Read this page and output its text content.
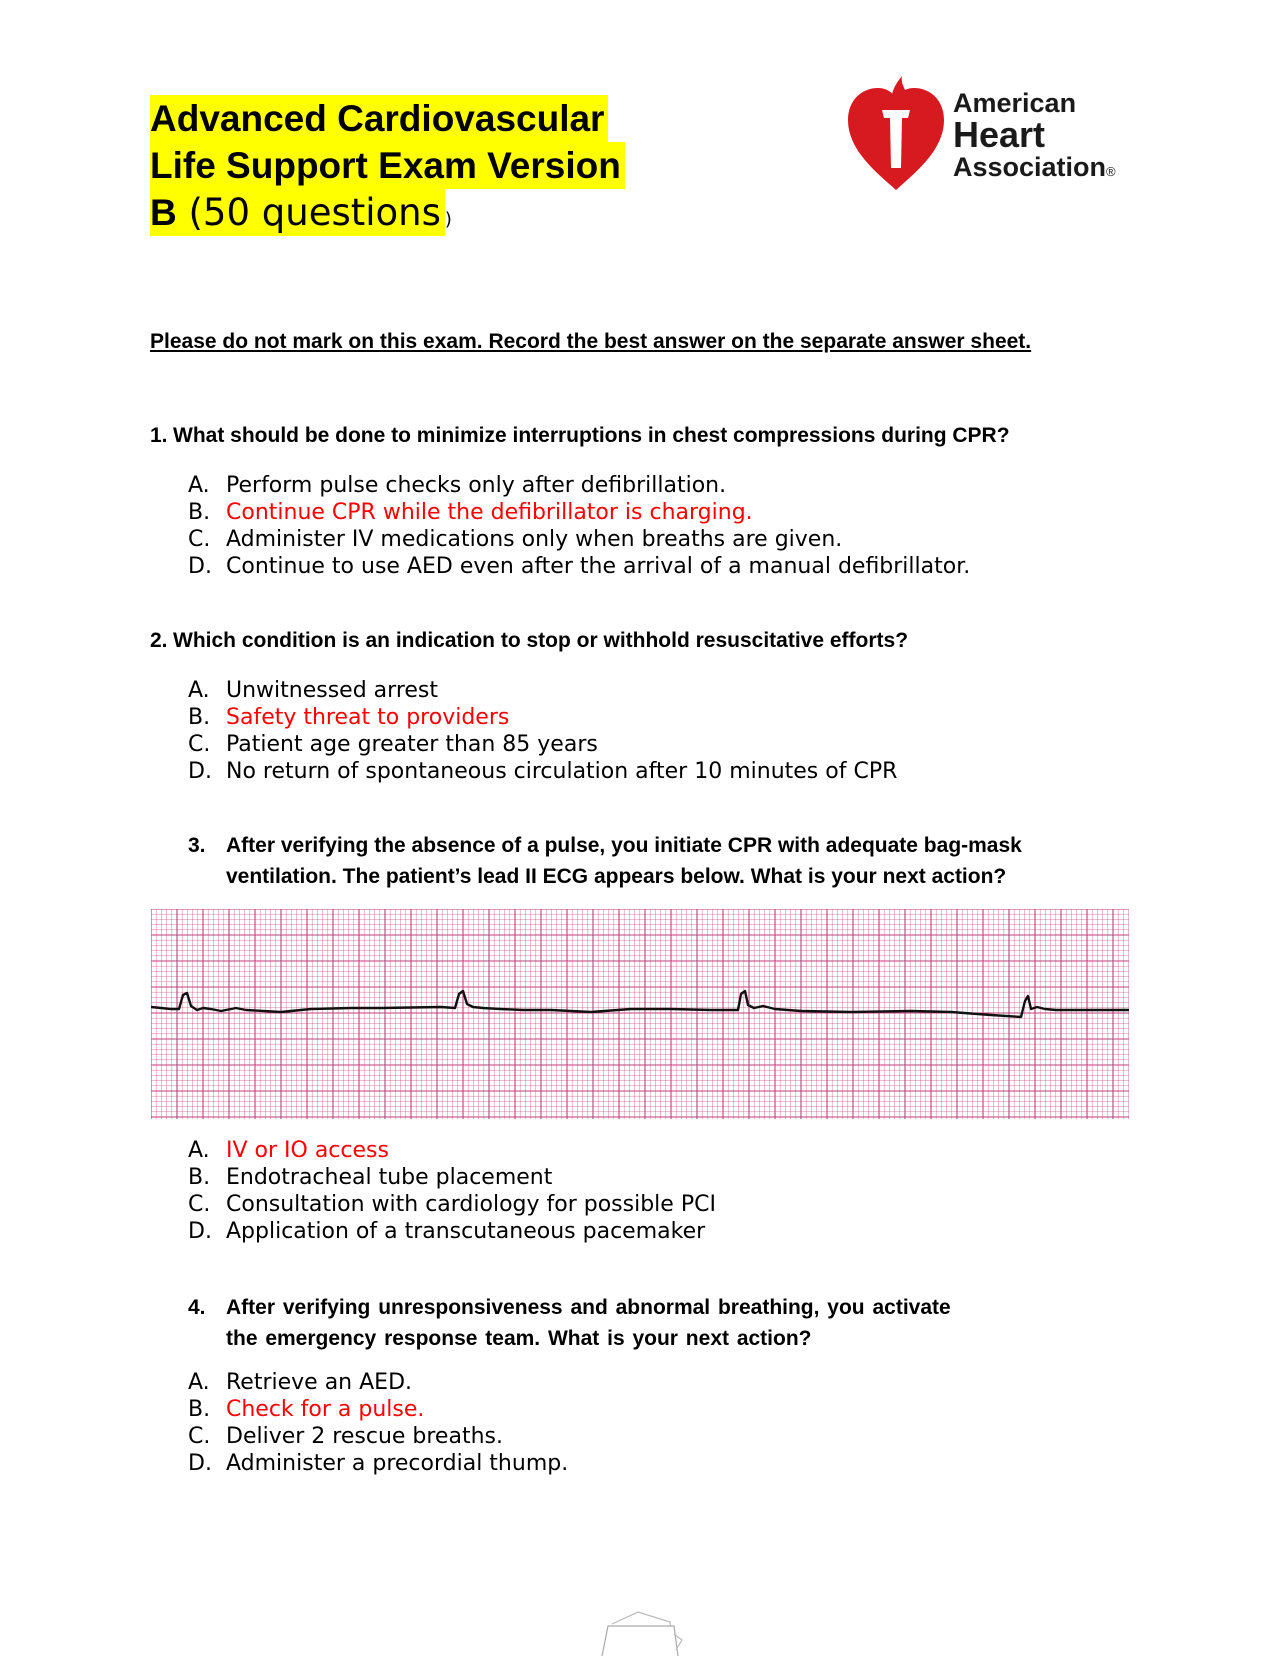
Advanced Cardiovascular
Life Support Exam Version
B (50 questions )
American
Heart
Association®
Please do not mark on this exam. Record the best answer on the separate answer sheet.
1. What should be done to minimize interruptions in chest compressions during CPR?
A. Perform pulse checks only after defibrillation.
B. Continue CPR while the defibrillator is charging.
C. Administer IV medications only when breaths are given.
D. Continue to use AED even after the arrival of a manual defibrillator.
2. Which condition is an indication to stop or withhold resuscitative efforts?
A. Unwitnessed arrest
B. Safety threat to providers
C. Patient age greater than 85 years
D. No return of spontaneous circulation after 10 minutes of CPR
3. After verifying the absence of a pulse, you initiate CPR with adequate bag-mask
ventilation. The patient’s lead II ECG appears below. What is your next action?
A. IV or IO access
B. Endotracheal tube placement
C. Consultation with cardiology for possible PCI
D. Application of a transcutaneous pacemaker
4. After verifying unresponsiveness and abnormal breathing, you activate
the emergency response team. What is your next action?
A. Retrieve an AED.
B. Check for a pulse.
C. Deliver 2 rescue breaths.
D. Administer a precordial thump.
